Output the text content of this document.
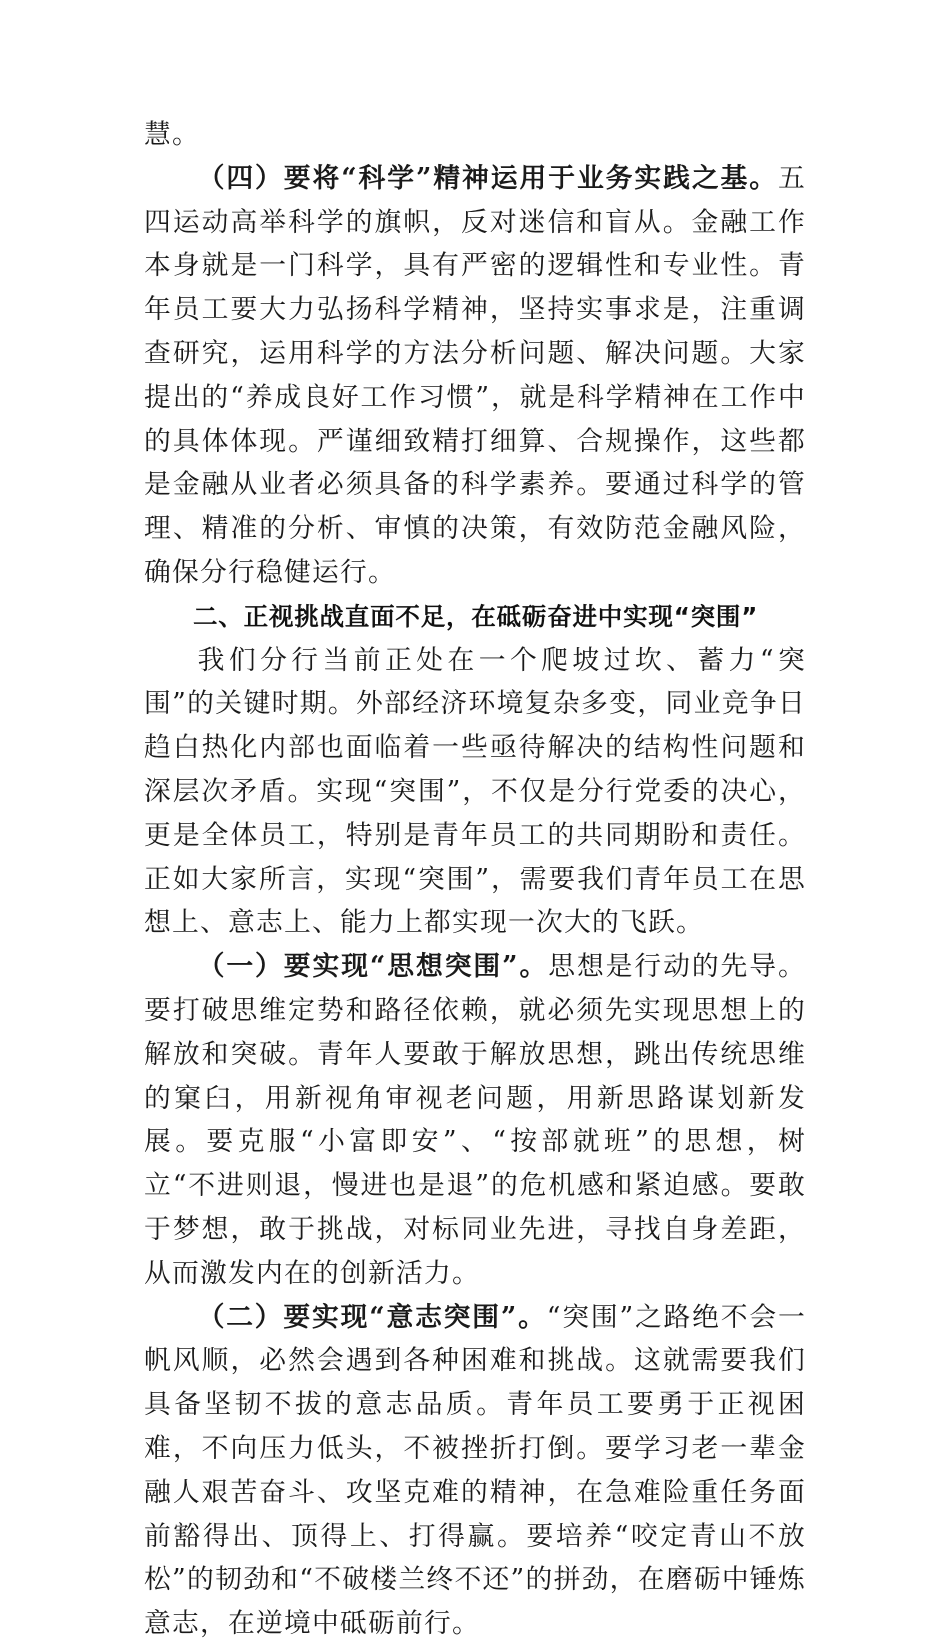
慧。

（四）要将“科学”精神运用于业务实践之基。五四运动高举科学的旗帜，反对迷信和盲从。金融工作本身就是一门科学，具有严密的逻辑性和专业性。青年员工要大力弘扬科学精神，坚持实事求是，注重调查研究，运用科学的方法分析问题、解决问题。大家提出的“养成良好工作习惯”，就是科学精神在工作中的具体体现。严谨细致精打细算、合规操作，这些都是金融从业者必须具备的科学素养。要通过科学的管理、精准的分析、审慎的决策，有效防范金融风险，确保分行稳健运行。

二、正视挑战直面不足，在砥砺奋进中实现“突围”

我们分行当前正处在一个爬坡过坎、蓄力“突围”的关键时期。外部经济环境复杂多变，同业竞争日趋白热化内部也面临着一些亟待解决的结构性问题和深层次矛盾。实现“突围”，不仅是分行党委的决心，更是全体员工，特别是青年员工的共同期盼和责任。正如大家所言，实现“突围”，需要我们青年员工在思想上、意志上、能力上都实现一次大的飞跃。

（一）要实现“思想突围”。思想是行动的先导。要打破思维定势和路径依赖，就必须先实现思想上的解放和突破。青年人要敢于解放思想，跳出传统思维的窠臼，用新视角审视老问题，用新思路谋划新发展。要克服“小富即安”、“按部就班”的思想，树立“不进则退，慢进也是退”的危机感和紧迫感。要敢于梦想，敢于挑战，对标同业先进，寻找自身差距，从而激发内在的创新活力。

（二）要实现“意志突围”。“突围”之路绝不会一帆风顺，必然会遇到各种困难和挑战。这就需要我们具备坚韧不拔的意志品质。青年员工要勇于正视困难，不向压力低头，不被挫折打倒。要学习老一辈金融人艰苦奋斗、攻坚克难的精神，在急难险重任务面前豁得出、顶得上、打得赢。要培养“咬定青山不放松”的韧劲和“不破楼兰终不还”的拼劲，在磨砺中锤炼意志，在逆境中砥砺前行。
